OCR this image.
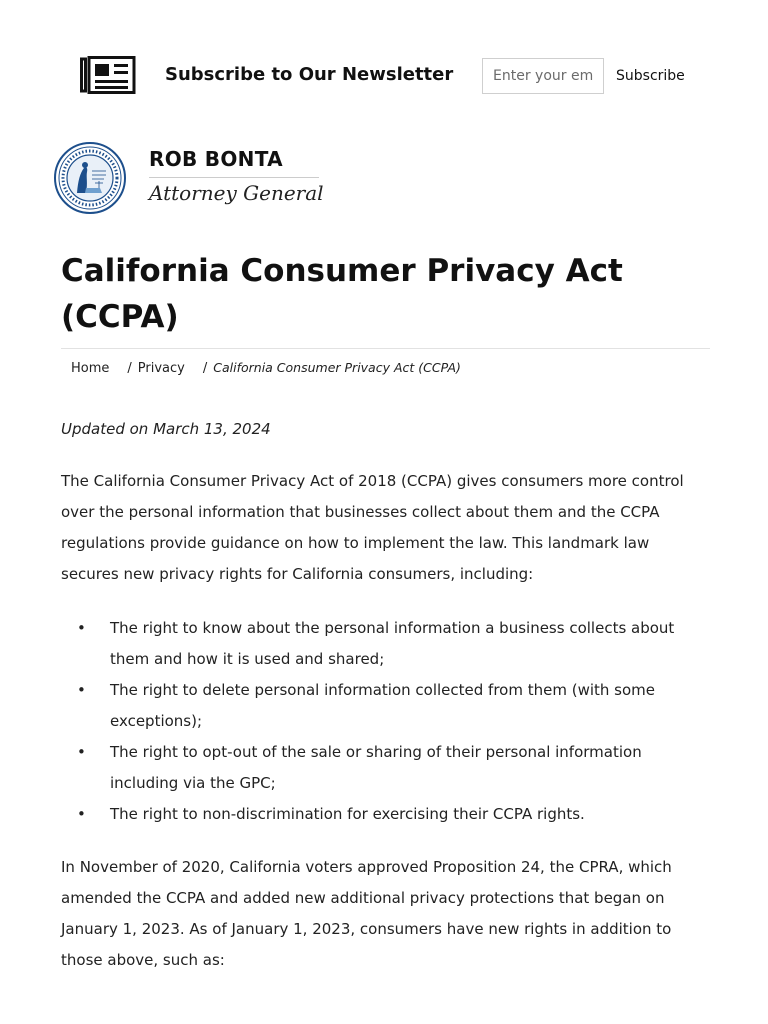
Subscribe to Our Newsletter
Enter your em	Subscribe
ROB BONTA
Attorney General
California Consumer Privacy Act (CCPA)
Home / Privacy / California Consumer Privacy Act (CCPA)

Updated on March 13, 2024

The California Consumer Privacy Act of 2018 (CCPA) gives consumers more control over the personal information that businesses collect about them and the CCPA regulations provide guidance on how to implement the law. This landmark law secures new privacy rights for California consumers, including:

• The right to know about the personal information a business collects about them and how it is used and shared;
• The right to delete personal information collected from them (with some exceptions);
• The right to opt-out of the sale or sharing of their personal information including via the GPC;
• The right to non-discrimination for exercising their CCPA rights.

In November of 2020, California voters approved Proposition 24, the CPRA, which amended the CCPA and added new additional privacy protections that began on January 1, 2023. As of January 1, 2023, consumers have new rights in addition to those above, such as:
